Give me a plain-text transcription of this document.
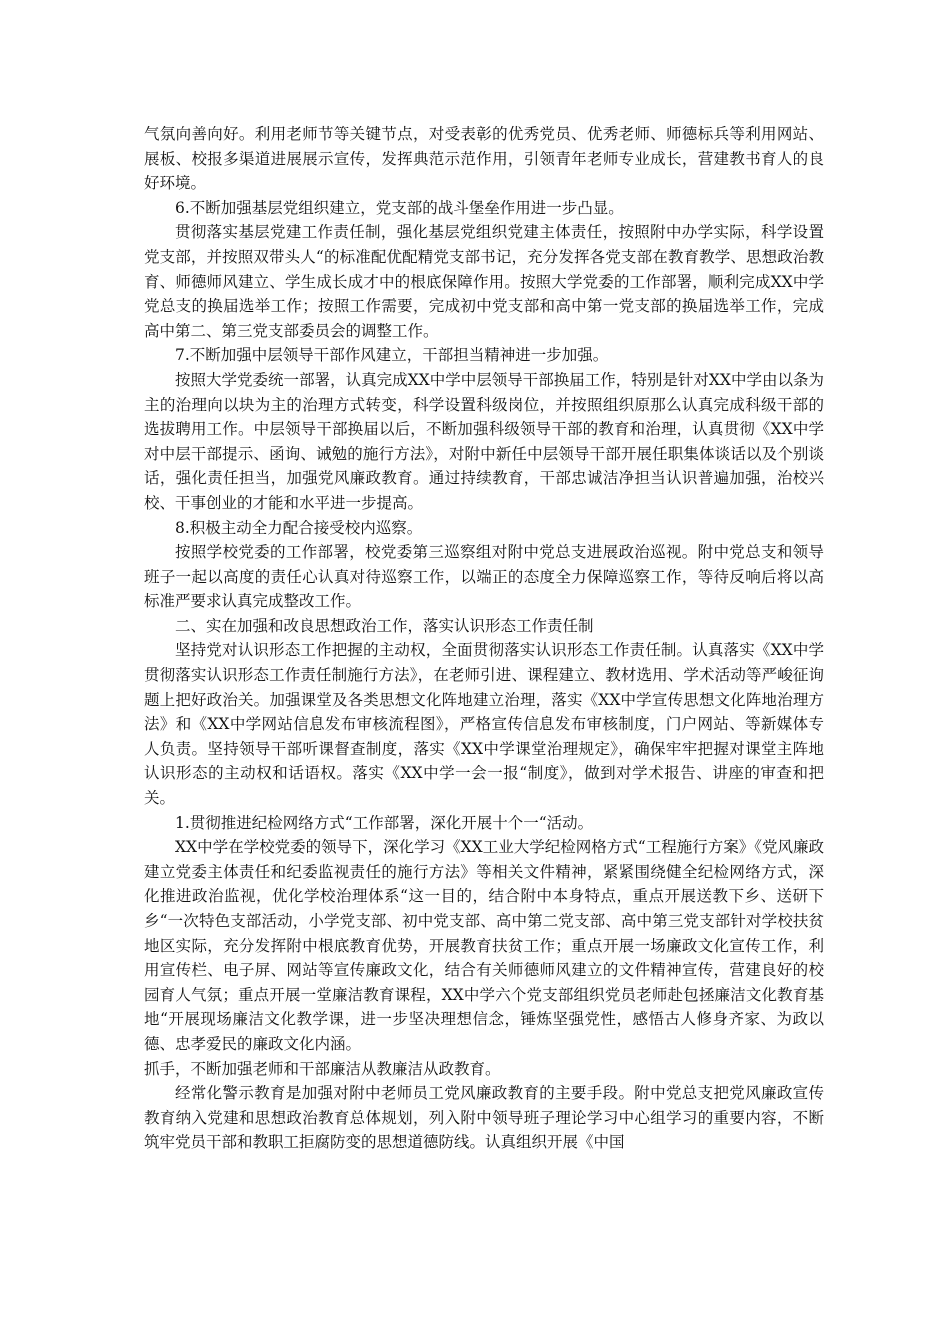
气氛向善向好。利用老师节等关键节点，对受表彰的优秀党员、优秀老师、师德标兵等利用网站、展板、校报多渠道进展展示宣传，发挥典范示范作用，引领青年老师专业成长，营建教书育人的良好环境。

6.不断加强基层党组织建立，党支部的战斗堡垒作用进一步凸显。

贯彻落实基层党建工作责任制，强化基层党组织党建主体责任，按照附中办学实际，科学设置党支部，并按照双带头人“的标准配优配精党支部书记，充分发挥各党支部在教育教学、思想政治教育、师德师风建立、学生成长成才中的根底保障作用。按照大学党委的工作部署，顺利完成XX中学党总支的换届选举工作；按照工作需要，完成初中党支部和高中第一党支部的换届选举工作，完成高中第二、第三党支部委员会的调整工作。

7.不断加强中层领导干部作风建立，干部担当精神进一步加强。

按照大学党委统一部署，认真完成XX中学中层领导干部换届工作，特别是针对XX中学由以条为主的治理向以块为主的治理方式转变，科学设置科级岗位，并按照组织原那么认真完成科级干部的选拔聘用工作。中层领导干部换届以后，不断加强科级领导干部的教育和治理，认真贯彻《XX中学对中层干部提示、函询、诫勉的施行方法》，对附中新任中层领导干部开展任职集体谈话以及个别谈话，强化责任担当，加强党风廉政教育。通过持续教育，干部忠诚洁净担当认识普遍加强，治校兴校、干事创业的才能和水平进一步提高。

8.积极主动全力配合接受校内巡察。

按照学校党委的工作部署，校党委第三巡察组对附中党总支进展政治巡视。附中党总支和领导班子一起以高度的责任心认真对待巡察工作，以端正的态度全力保障巡察工作，等待反响后将以高标准严要求认真完成整改工作。

二、实在加强和改良思想政治工作，落实认识形态工作责任制

坚持党对认识形态工作把握的主动权，全面贯彻落实认识形态工作责任制。认真落实《XX中学贯彻落实认识形态工作责任制施行方法》，在老师引进、课程建立、教材选用、学术活动等严峻征询题上把好政治关。加强课堂及各类思想文化阵地建立治理，落实《XX中学宣传思想文化阵地治理方法》和《XX中学网站信息发布审核流程图》，严格宣传信息发布审核制度，门户网站、等新媒体专人负责。坚持领导干部听课督查制度，落实《XX中学课堂治理规定》，确保牢牢把握对课堂主阵地认识形态的主动权和话语权。落实《XX中学一会一报“制度》，做到对学术报告、讲座的审查和把关。

1.贯彻推进纪检网络方式“工作部署，深化开展十个一“活动。

XX中学在学校党委的领导下，深化学习《XX工业大学纪检网格方式“工程施行方案》《党风廉政建立党委主体责任和纪委监视责任的施行方法》等相关文件精神，紧紧围绕健全纪检网络方式，深化推进政治监视，优化学校治理体系“这一目的，结合附中本身特点，重点开展送教下乡、送研下乡“一次特色支部活动，小学党支部、初中党支部、高中第二党支部、高中第三党支部针对学校扶贫地区实际，充分发挥附中根底教育优势，开展教育扶贫工作；重点开展一场廉政文化宣传工作，利用宣传栏、电子屏、网站等宣传廉政文化，结合有关师德师风建立的文件精神宣传，营建良好的校园育人气氛；重点开展一堂廉洁教育课程，XX中学六个党支部组织党员老师赴包拯廉洁文化教育基地“开展现场廉洁文化教学课，进一步坚决理想信念，锤炼坚强党性，感悟古人修身齐家、为政以德、忠孝爱民的廉政文化内涵。

抓手，不断加强老师和干部廉洁从教廉洁从政教育。

经常化警示教育是加强对附中老师员工党风廉政教育的主要手段。附中党总支把党风廉政宣传教育纳入党建和思想政治教育总体规划，列入附中领导班子理论学习中心组学习的重要内容，不断筑牢党员干部和教职工拒腐防变的思想道德防线。认真组织开展《中国
